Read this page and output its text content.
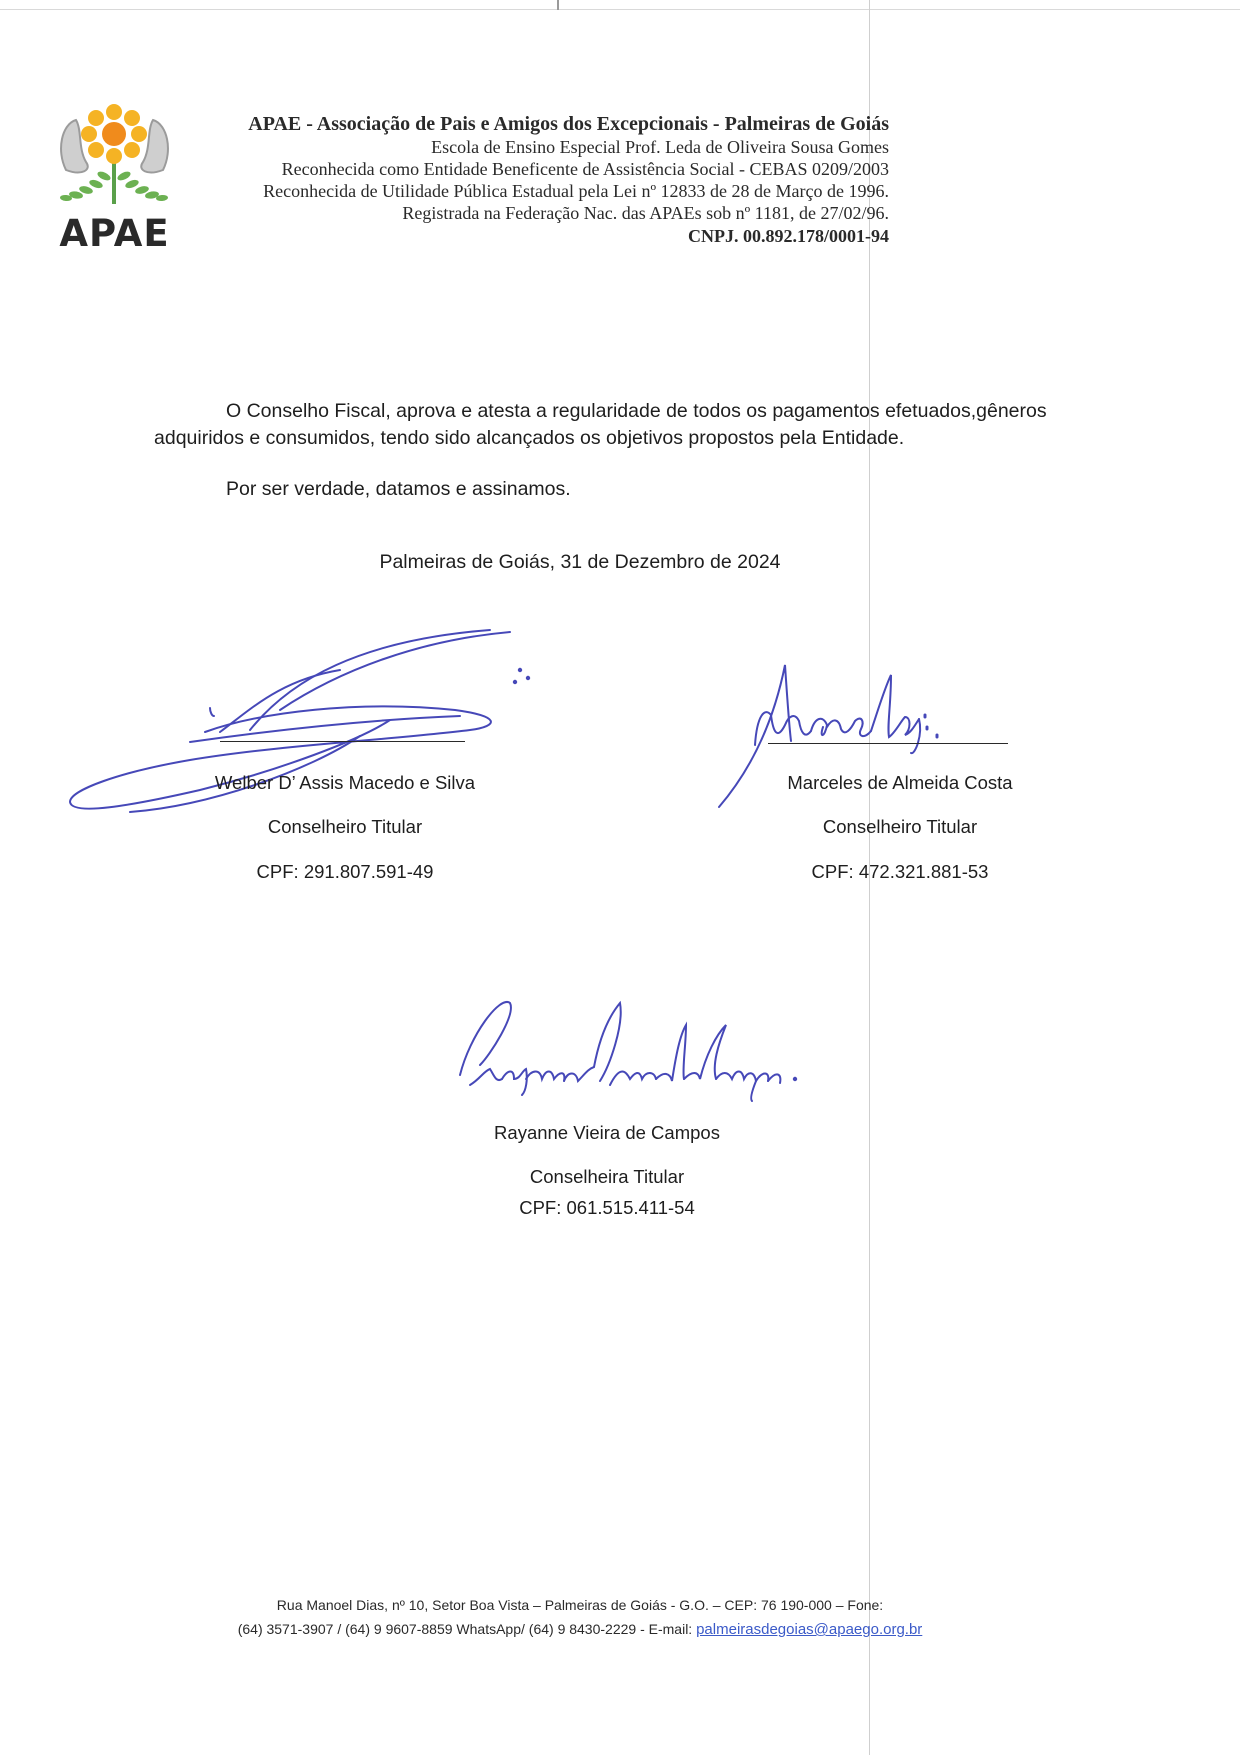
APAE
APAE - Associação de Pais e Amigos dos Excepcionais - Palmeiras de Goiás
Escola de Ensino Especial Prof. Leda de Oliveira Sousa Gomes
Reconhecida como Entidade Beneficente de Assistência Social - CEBAS 0209/2003
Reconhecida de Utilidade Pública Estadual pela Lei nº 12833 de 28 de Março de 1996.
Registrada na Federação Nac. das APAEs sob nº 1181, de 27/02/96.
CNPJ. 00.892.178/0001-94
O Conselho Fiscal, aprova e atesta a regularidade de todos os pagamentos efetuados,gêneros adquiridos e consumidos, tendo sido alcançados os objetivos propostos pela Entidade.
Por ser verdade, datamos e assinamos.
Palmeiras de Goiás, 31 de Dezembro de 2024
Welber D’ Assis Macedo e Silva
Conselheiro Titular
CPF: 291.807.591-49
Marceles de Almeida Costa
Conselheiro Titular
CPF: 472.321.881-53
Rayanne Vieira de Campos
Conselheira Titular
CPF: 061.515.411-54
Rua Manoel Dias, nº 10, Setor Boa Vista – Palmeiras de Goiás - G.O. – CEP: 76 190-000 – Fone:
(64) 3571-3907 / (64) 9 9607-8859 WhatsApp/ (64) 9 8430-2229 - E-mail: palmeirasdegoias@apaego.org.br
